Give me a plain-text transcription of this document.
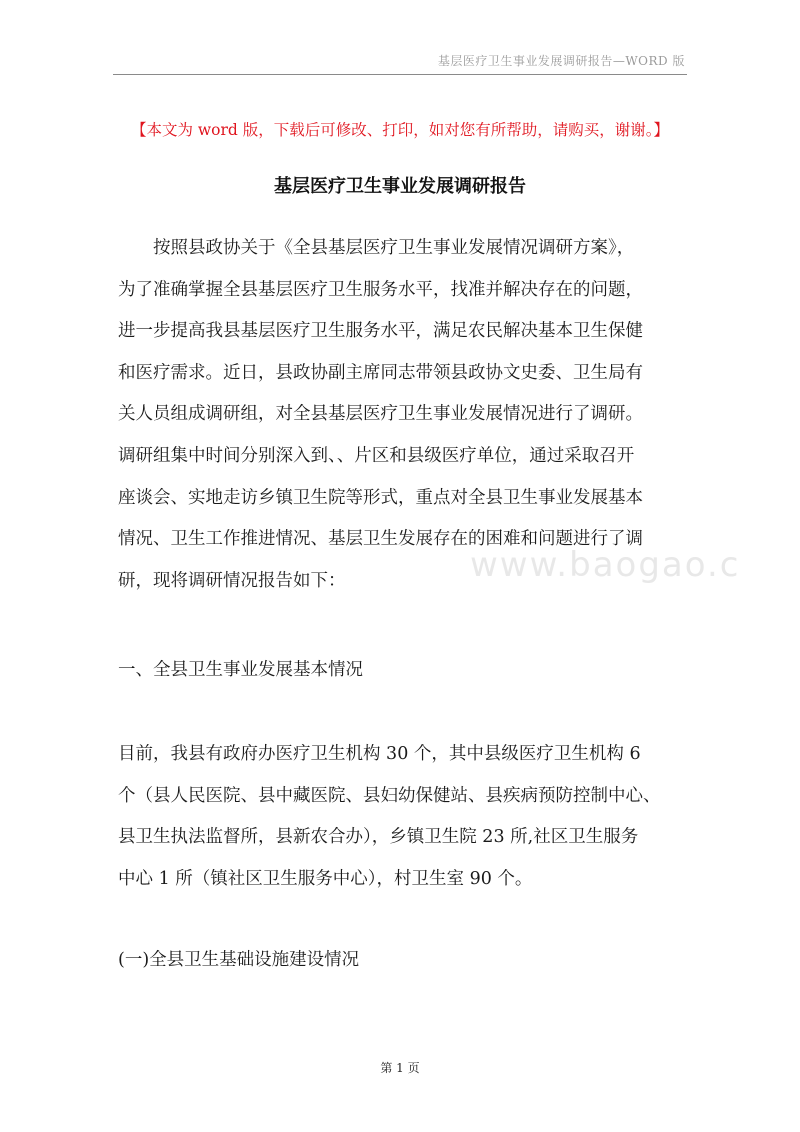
基层医疗卫生事业发展调研报告—WORD 版
【本文为 word 版，下载后可修改、打印，如对您有所帮助，请购买，谢谢。】
基层医疗卫生事业发展调研报告
　　按照县政协关于《全县基层医疗卫生事业发展情况调研方案》，
为了准确掌握全县基层医疗卫生服务水平，找准并解决存在的问题，
进一步提高我县基层医疗卫生服务水平，满足农民解决基本卫生保健
和医疗需求。近日，县政协副主席同志带领县政协文史委、卫生局有
关人员组成调研组，对全县基层医疗卫生事业发展情况进行了调研。
调研组集中时间分别深入到、、片区和县级医疗单位，通过采取召开
座谈会、实地走访乡镇卫生院等形式，重点对全县卫生事业发展基本
情况、卫生工作推进情况、基层卫生发展存在的困难和问题进行了调
研，现将调研情况报告如下：	www.baogao.c
一、全县卫生事业发展基本情况
目前，我县有政府办医疗卫生机构 30 个，其中县级医疗卫生机构 6
个（县人民医院、县中藏医院、县妇幼保健站、县疾病预防控制中心、
县卫生执法监督所，县新农合办），乡镇卫生院 23 所,社区卫生服务
中心 1 所（镇社区卫生服务中心），村卫生室 90 个。
(一)全县卫生基础设施建设情况
第 1 页
